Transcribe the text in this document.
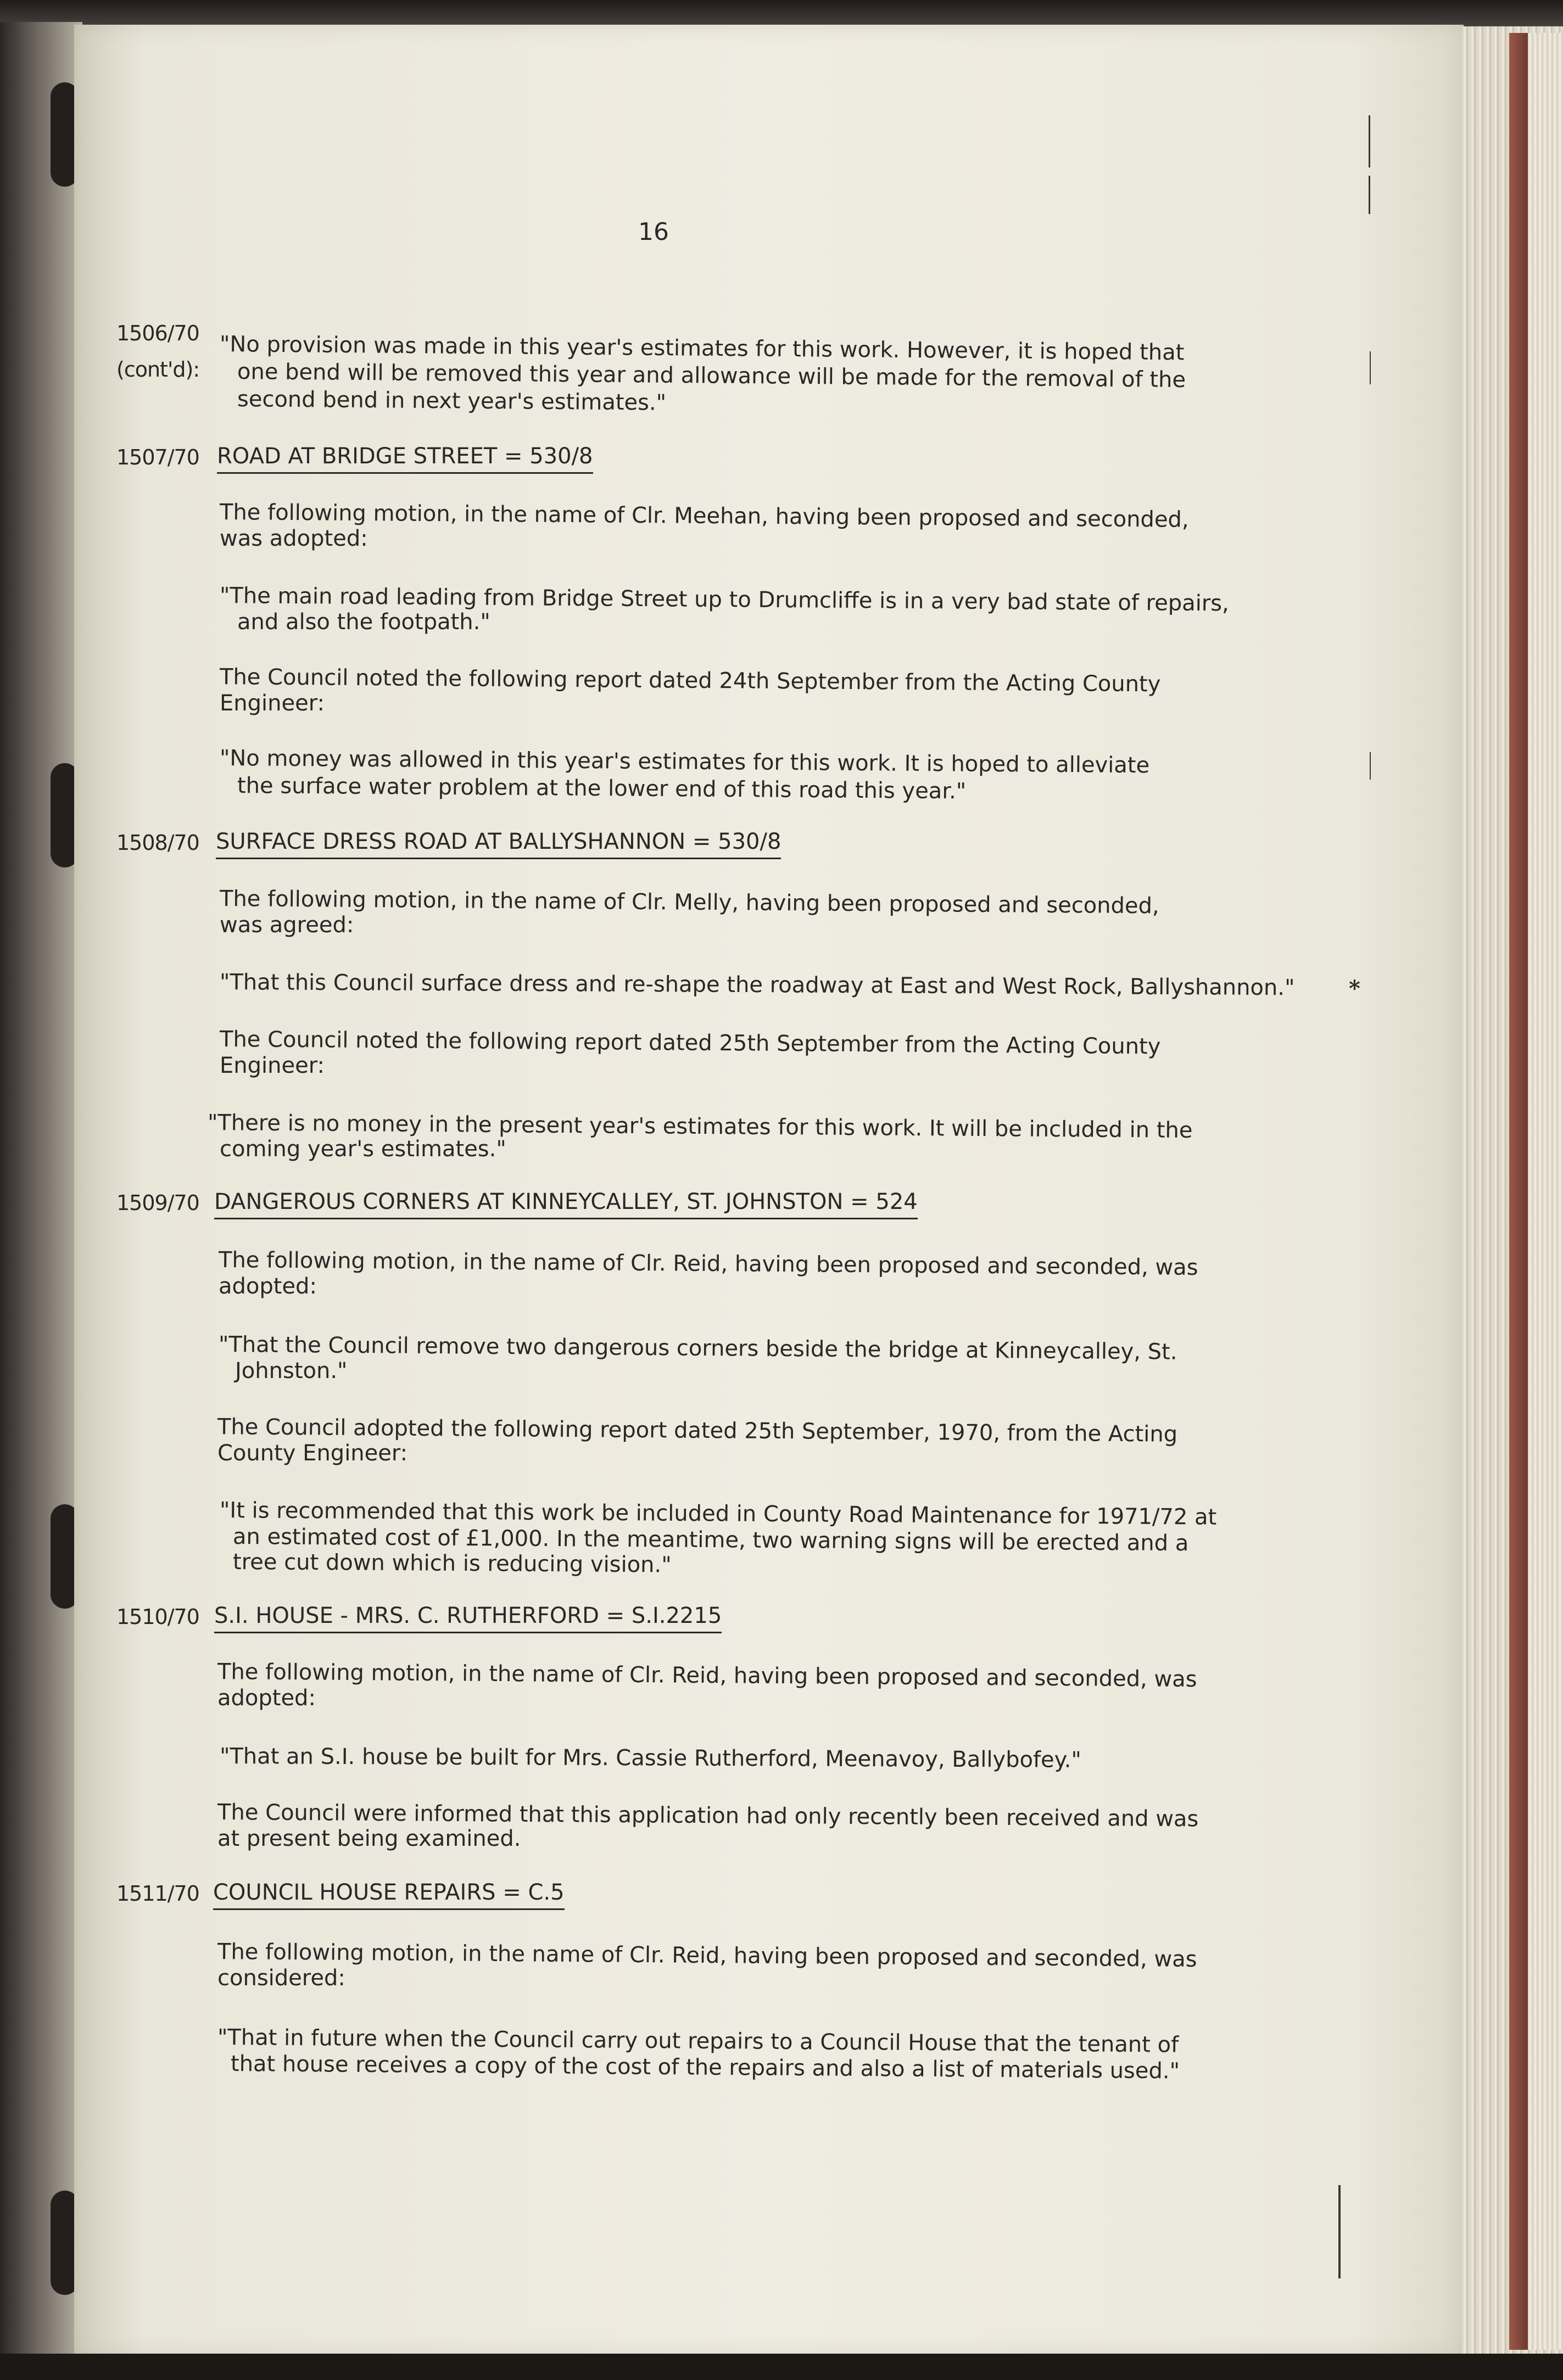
16
1506/70
(cont'd):
"No provision was made in this year's estimates for this work. However, it is hoped that
one bend will be removed this year and allowance will be made for the removal of the
second bend in next year's estimates."
1507/70 ROAD AT BRIDGE STREET = 530/8
The following motion, in the name of Clr. Meehan, having been proposed and seconded,
was adopted:
"The main road leading from Bridge Street up to Drumcliffe is in a very bad state of repairs,
and also the footpath."
The Council noted the following report dated 24th September from the Acting County
Engineer:
"No money was allowed in this year's estimates for this work. It is hoped to alleviate
the surface water problem at the lower end of this road this year."
1508/70 SURFACE DRESS ROAD AT BALLYSHANNON = 530/8
The following motion, in the name of Clr. Melly, having been proposed and seconded,
was agreed:
"That this Council surface dress and re-shape the roadway at East and West Rock, Ballyshannon."
The Council noted the following report dated 25th September from the Acting County
Engineer:
"There is no money in the present year's estimates for this work. It will be included in the
coming year's estimates."
1509/70 DANGEROUS CORNERS AT KINNEYCALLEY, ST. JOHNSTON = 524
The following motion, in the name of Clr. Reid, having been proposed and seconded, was
adopted:
"That the Council remove two dangerous corners beside the bridge at Kinneycalley, St.
Johnston."
The Council adopted the following report dated 25th September, 1970, from the Acting
County Engineer:
"It is recommended that this work be included in County Road Maintenance for 1971/72 at
an estimated cost of £1,000. In the meantime, two warning signs will be erected and a
tree cut down which is reducing vision."
1510/70 S.I. HOUSE - MRS. C. RUTHERFORD = S.I.2215
The following motion, in the name of Clr. Reid, having been proposed and seconded, was
adopted:
"That an S.I. house be built for Mrs. Cassie Rutherford, Meenavoy, Ballybofey."
The Council were informed that this application had only recently been received and was
at present being examined.
1511/70 COUNCIL HOUSE REPAIRS = C.5
The following motion, in the name of Clr. Reid, having been proposed and seconded, was
considered:
"That in future when the Council carry out repairs to a Council House that the tenant of
that house receives a copy of the cost of the repairs and also a list of materials used."
*
